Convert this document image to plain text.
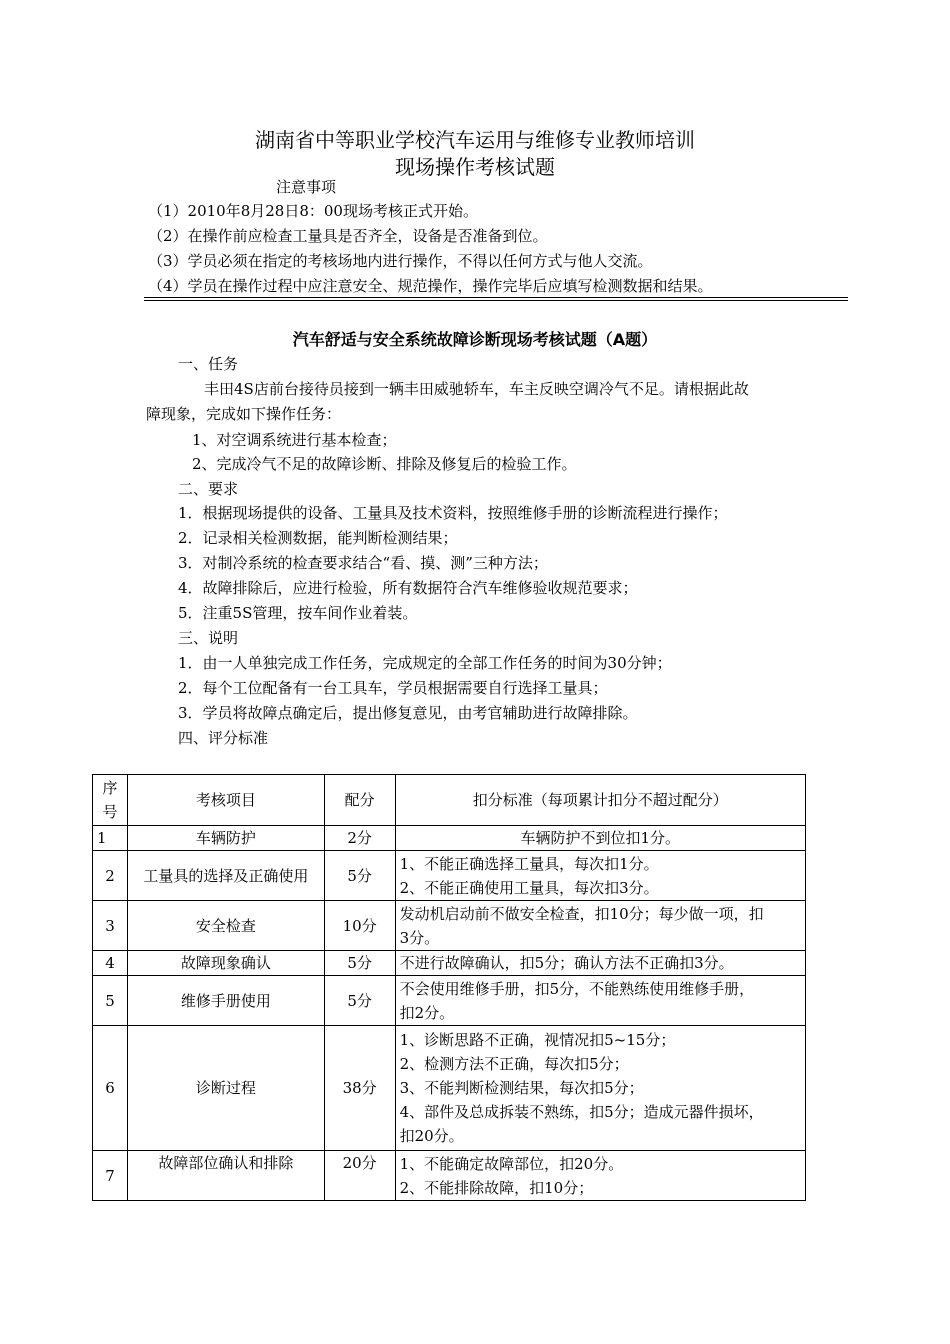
湖南省中等职业学校汽车运用与维修专业教师培训
现场操作考核试题
注意事项
（1）2010年8月28日8：00现场考核正式开始。
（2）在操作前应检查工量具是否齐全，设备是否准备到位。
（3）学员必须在指定的考核场地内进行操作，不得以任何方式与他人交流。
（4）学员在操作过程中应注意安全、规范操作，操作完毕后应填写检测数据和结果。
汽车舒适与安全系统故障诊断现场考核试题（A题）
一、任务
丰田4S店前台接待员接到一辆丰田威驰轿车，车主反映空调冷气不足。请根据此故
障现象，完成如下操作任务：
1、对空调系统进行基本检查；
2、完成冷气不足的故障诊断、排除及修复后的检验工作。
二、要求
1．根据现场提供的设备、工量具及技术资料，按照维修手册的诊断流程进行操作；
2．记录相关检测数据，能判断检测结果；
3．对制冷系统的检查要求结合“看、摸、测”三种方法；
4．故障排除后，应进行检验，所有数据符合汽车维修验收规范要求；
5．注重5S管理，按车间作业着装。
三、说明
1．由一人单独完成工作任务，完成规定的全部工作任务的时间为30分钟；
2．每个工位配备有一台工具车，学员根据需要自行选择工量具；
3．学员将故障点确定后，提出修复意见，由考官辅助进行故障排除。
四、评分标准
序
号	考核项目	配分	扣分标准（每项累计扣分不超过配分）
1	车辆防护	2分	车辆防护不到位扣1分。
2	工量具的选择及正确使用	5分	1、不能正确选择工量具，每次扣1分。
2、不能正确使用工量具，每次扣3分。

3	安全检查	10分	发动机启动前不做安全检查，扣10分；每少做一项，扣
3分。

4	故障现象确认	5分	不进行故障确认，扣5分；确认方法不正确扣3分。
5	维修手册使用	5分	不会使用维修手册，扣5分，不能熟练使用维修手册，
扣2分。

6	诊断过程	38分	1、诊断思路不正确，视情况扣5~15分；
2、检测方法不正确，每次扣5分；
3、不能判断检测结果，每次扣5分；
4、部件及总成拆装不熟练，扣5分；造成元器件损坏，
扣20分。

7	故障部位确认和排除	20分	1、不能确定故障部位，扣20分。
2、不能排除故障，扣10分；
